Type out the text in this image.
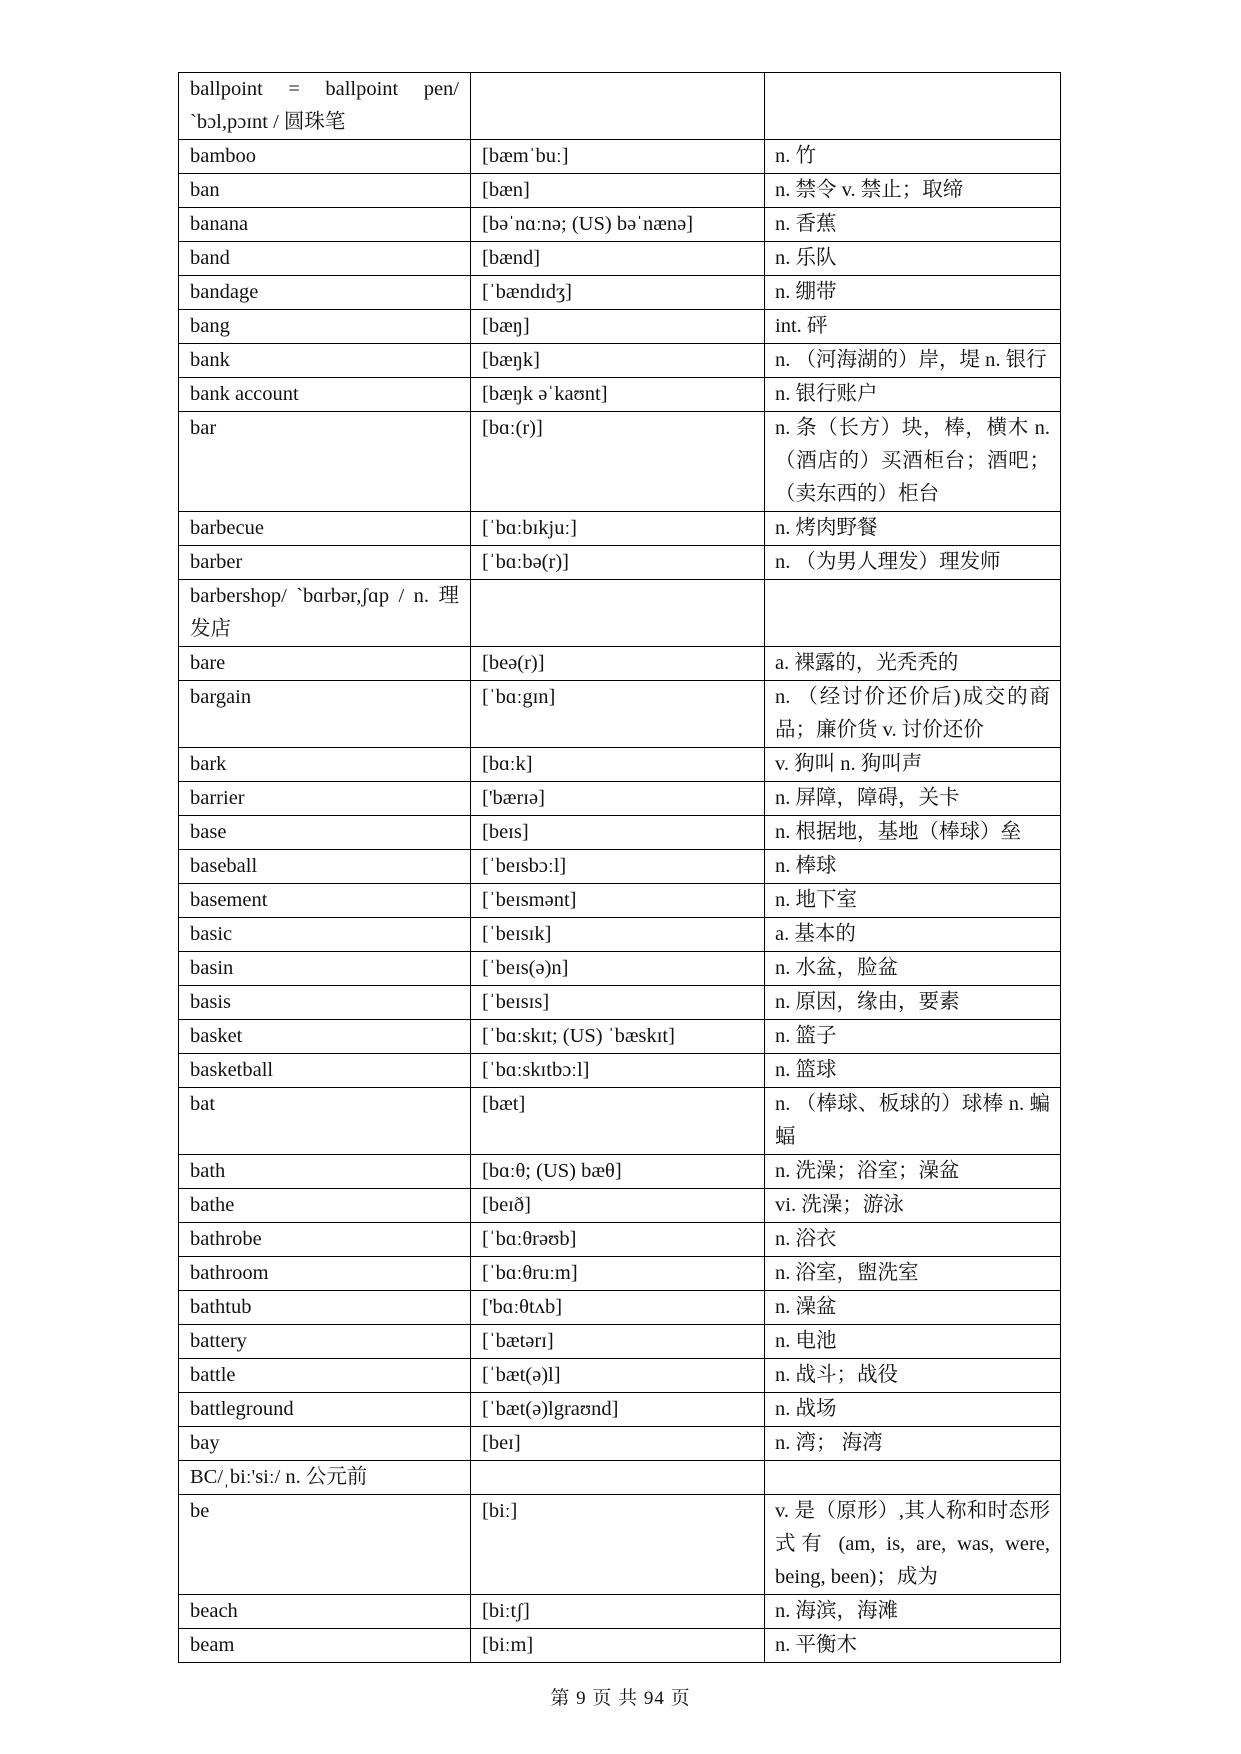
ballpoint = ballpoint pen/ `bɔl,pɔɪnt / 圆珠笔		
bamboo	[bæmˈbuː]	n. 竹
ban	[bæn]	n. 禁令 v. 禁止；取缔
banana	[bəˈnɑːnə; (US) bəˈnænə]	n. 香蕉
band	[bænd]	n. 乐队
bandage	[ˈbændɪdʒ]	n. 绷带
bang	[bæŋ]	int. 砰
bank	[bæŋk]	n. （河海湖的）岸，堤 n. 银行
bank account	[bæŋk əˈkaʊnt]	n. 银行账户
bar	[bɑː(r)]	n. 条（长方）块，棒，横木 n.（酒店的）买酒柜台；酒吧；（卖东西的）柜台
barbecue	[ˈbɑːbɪkjuː]	n. 烤肉野餐
barber	[ˈbɑːbə(r)]	n. （为男人理发）理发师
barbershop/ `bɑrbər,ʃɑp / n. 理发店		
bare	[beə(r)]	a. 裸露的，光秃秃的
bargain	[ˈbɑːgɪn]	n. （经讨价还价后)成交的商品；廉价货 v. 讨价还价
bark	[bɑːk]	v. 狗叫 n. 狗叫声
barrier	['bærɪə]	n. 屏障，障碍，关卡
base	[beɪs]	n. 根据地，基地（棒球）垒
baseball	[ˈbeɪsbɔːl]	n. 棒球
basement	[ˈbeɪsmənt]	n. 地下室
basic	[ˈbeɪsɪk]	a. 基本的
basin	[ˈbeɪs(ə)n]	n. 水盆，脸盆
basis	[ˈbeɪsɪs]	n. 原因，缘由，要素
basket	[ˈbɑːskɪt; (US) ˈbæskɪt]	n. 篮子
basketball	[ˈbɑːskɪtbɔːl]	n. 篮球
bat	[bæt]	n. （棒球、板球的）球棒 n. 蝙蝠
bath	[bɑːθ; (US) bæθ]	n. 洗澡；浴室；澡盆
bathe	[beɪð]	vi. 洗澡；游泳
bathrobe	[ˈbɑːθrəʊb]	n. 浴衣
bathroom	[ˈbɑːθruːm]	n. 浴室，盥洗室
bathtub	['bɑːθtʌb]	n. 澡盆
battery	[ˈbætərɪ]	n. 电池
battle	[ˈbæt(ə)l]	n. 战斗；战役
battleground	[ˈbæt(ə)lgraʊnd]	n. 战场
bay	[beɪ]	n. 湾； 海湾
BC/ˌbiː'siː/ n. 公元前		
be	[biː]	v. 是（原形）,其人称和时态形式有 (am, is, are, was, were, being, been)；成为
beach	[biːtʃ]	n. 海滨，海滩
beam	[biːm]	n. 平衡木
第 9 页 共 94 页
